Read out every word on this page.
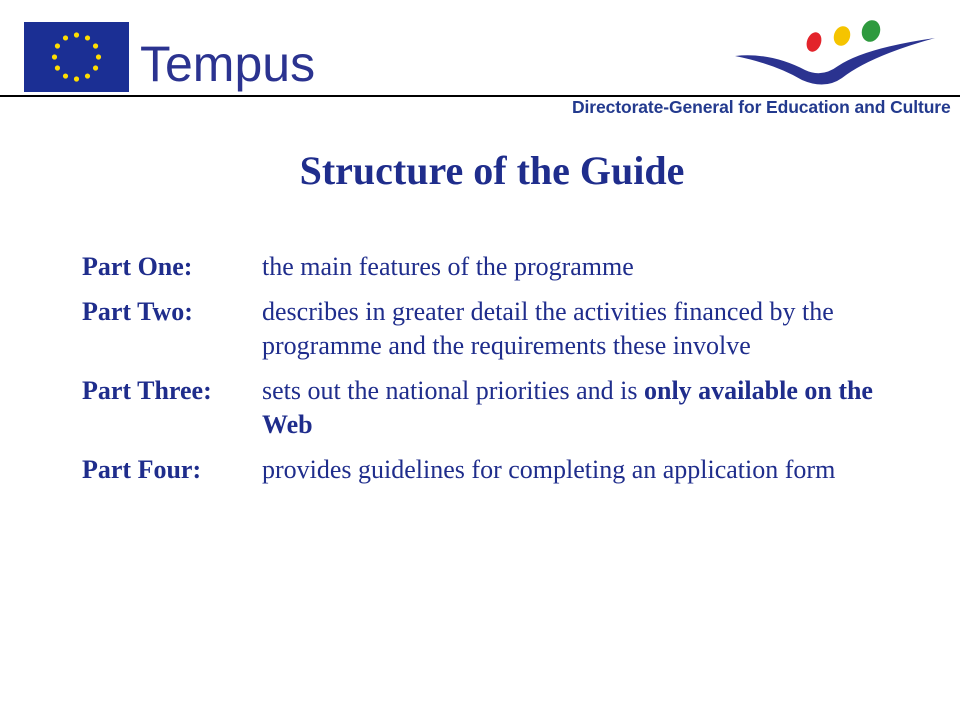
Tempus
Directorate-General for Education and Culture
Structure of the Guide
Part One:	the main features of the programme
Part Two:	describes in greater detail the activities financed by the programme and the requirements these involve
Part Three:	sets out the national priorities and is only available on the Web
Part Four:	provides guidelines for completing an application form
